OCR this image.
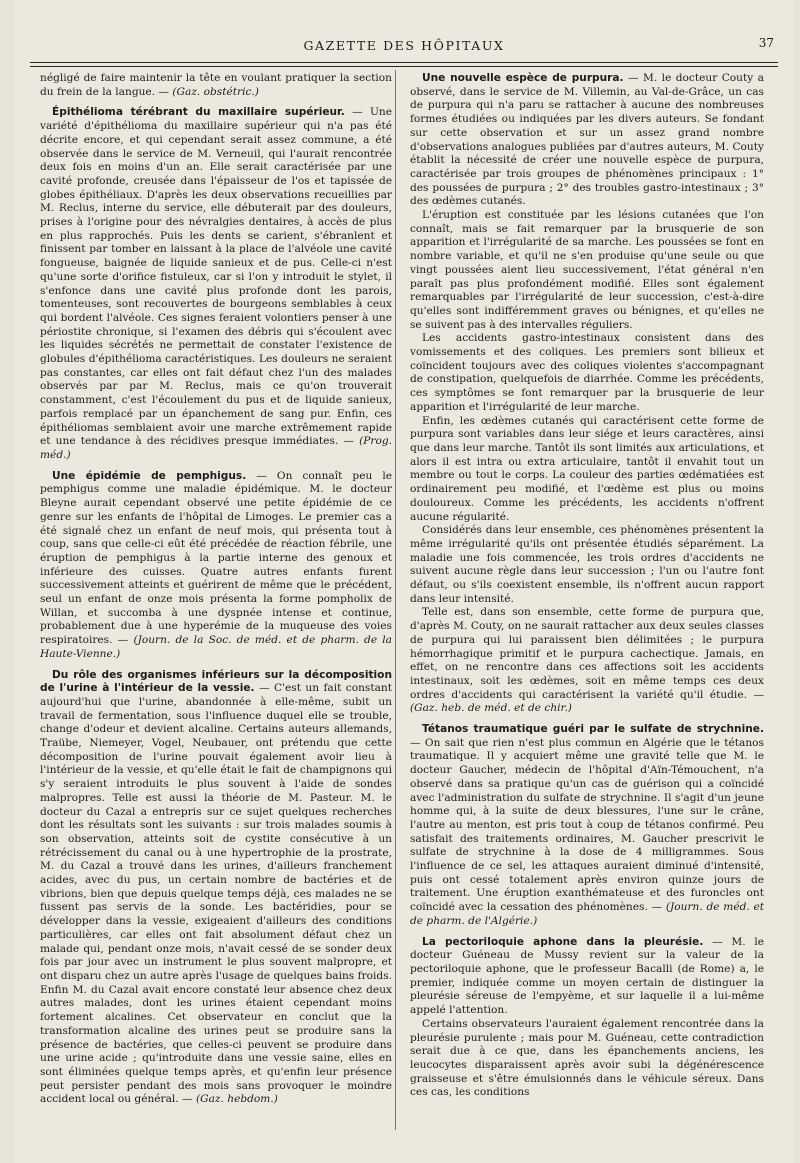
GAZETTE DES HÔPITAUX	37

négligé de faire maintenir la tête en voulant pratiquer la section du frein de la langue. — (Gaz. obstétric.)

Épithélioma térébrant du maxillaire supérieur. — Une variété d'épithélioma du maxillaire supérieur qui n'a pas été décrite encore, et qui cependant serait assez commune, a été observée dans le service de M. Verneuil, qui l'aurait rencontrée deux fois en moins d'un an. Elle serait caractérisée par une cavité profonde, creusée dans l'épaisseur de l'os et tapissée de globes épithéliaux. D'après les deux observations recueillies par M. Reclus, interne du service, elle débuterait par des douleurs, prises à l'origine pour des névralgies dentaires, à accès de plus en plus rapprochés. Puis les dents se carient, s'ébranlent et finissent par tomber en laissant à la place de l'alvéole une cavité fongueuse, baignée de liquide sanieux et de pus. Celle-ci n'est qu'une sorte d'orifice fistuleux, car si l'on y introduit le stylet, il s'enfonce dans une cavité plus profonde dont les parois, tomenteuses, sont recouvertes de bourgeons semblables à ceux qui bordent l'alvéole. Ces signes feraient volontiers penser à une périostite chronique, si l'examen des débris qui s'écoulent avec les liquides sécrétés ne permettait de constater l'existence de globules d'épithélioma caractéristiques. Les douleurs ne seraient pas constantes, car elles ont fait défaut chez l'un des malades observés par par M. Reclus, mais ce qu'on trouverait constamment, c'est l'écoulement du pus et de liquide sanieux, parfois remplacé par un épanchement de sang pur. Enfin, ces épithéliomas semblaient avoir une marche extrêmement rapide et une tendance à des récidives presque immédiates. — (Prog. méd.)

Une épidémie de pemphigus. — On connaît peu le pemphigus comme une maladie épidémique. M. le docteur Bleyne aurait cependant observé une petite épidémie de ce genre sur les enfants de l'hôpital de Limoges. Le premier cas a été signalé chez un enfant de neuf mois, qui présenta tout à coup, sans que celle-ci eût été précédée de réaction fébrile, une éruption de pemphigus à la partie interne des genoux et inférieure des cuisses. Quatre autres enfants furent successivement atteints et guérirent de même que le précédent, seul un enfant de onze mois présenta la forme pompholix de Willan, et succomba à une dyspnée intense et continue, probablement due à une hyperémie de la muqueuse des voies respiratoires. — (Journ. de la Soc. de méd. et de pharm. de la Haute-Vienne.)

Du rôle des organismes inférieurs sur la décomposition de l'urine à l'intérieur de la vessie. — C'est un fait constant aujourd'hui que l'urine, abandonnée à elle-même, subit un travail de fermentation, sous l'influence duquel elle se trouble, change d'odeur et devient alcaline. Certains auteurs allemands, Traübe, Niemeyer, Vogel, Neubauer, ont prétendu que cette décomposition de l'urine pouvait également avoir lieu à l'intérieur de la vessie, et qu'elle était le fait de champignons qui s'y seraient introduits le plus souvent à l'aide de sondes malpropres. Telle est aussi la théorie de M. Pasteur. M. le docteur du Cazal a entrepris sur ce sujet quelques recherches dont les résultats sont les suivants : sur trois malades soumis à son observation, atteints soit de cystite consécutive à un rétrécissement du canal ou à une hypertrophie de la prostrate, M. du Cazal a trouvé dans les urines, d'ailleurs franchement acides, avec du pus, un certain nombre de bactéries et de vibrions, bien que depuis quelque temps déjà, ces malades ne se fussent pas servis de la sonde. Les bactéridies, pour se développer dans la vessie, exigeaient d'ailleurs des conditions particulières, car elles ont fait absolument défaut chez un malade qui, pendant onze mois, n'avait cessé de se sonder deux fois par jour avec un instrument le plus souvent malpropre, et ont disparu chez un autre après l'usage de quelques bains froids. Enfin M. du Cazal avait encore constaté leur absence chez deux autres malades, dont les urines étaient cependant moins fortement alcalines. Cet observateur en conclut que la transformation alcaline des urines peut se produire sans la présence de bactéries, que celles-ci peuvent se produire dans une urine acide ; qu'introduite dans une vessie saine, elles en sont éliminées quelque temps après, et qu'enfin leur présence peut persister pendant des mois sans provoquer le moindre accident local ou général. — (Gaz. hebdom.)

Une nouvelle espèce de purpura. — M. le docteur Couty a observé, dans le service de M. Villemin, au Val-de-Grâce, un cas de purpura qui n'a paru se rattacher à aucune des nombreuses formes étudiées ou indiquées par les divers auteurs. Se fondant sur cette observation et sur un assez grand nombre d'observations analogues publiées par d'autres auteurs, M. Couty établit la nécessité de créer une nouvelle espèce de purpura, caractérisée par trois groupes de phénomènes principaux : 1° des poussées de purpura ; 2° des troubles gastro-intestinaux ; 3° des œdèmes cutanés.

L'éruption est constituée par les lésions cutanées que l'on connaît, mais se fait remarquer par la brusquerie de son apparition et l'irrégularité de sa marche. Les poussées se font en nombre variable, et qu'il ne s'en produise qu'une seule ou que vingt poussées aient lieu successivement, l'état général n'en paraît pas plus profondément modifié. Elles sont également remarquables par l'irrégularité de leur succession, c'est-à-dire qu'elles sont indifféremment graves ou bénignes, et qu'elles ne se suivent pas à des intervalles réguliers.

Les accidents gastro-intestinaux consistent dans des vomissements et des coliques. Les premiers sont bilieux et coïncident toujours avec des coliques violentes s'accompagnant de constipation, quelquefois de diarrhée. Comme les précédents, ces symptômes se font remarquer par la brusquerie de leur apparition et l'irrégularité de leur marche.

Enfin, les œdèmes cutanés qui caractérisent cette forme de purpura sont variables dans leur siége et leurs caractères, ainsi que dans leur marche. Tantôt ils sont limités aux articulations, et alors il est intra ou extra articulaire, tantôt il envahit tout un membre ou tout le corps. La couleur des parties œdématiées est ordinairement peu modifié, et l'œdème est plus ou moins douloureux. Comme les précédents, les accidents n'offrent aucune régularité.

Considérés dans leur ensemble, ces phénomènes présentent la même irrégularité qu'ils ont présentée étudiés séparément. La maladie une fois commencée, les trois ordres d'accidents ne suivent aucune règle dans leur succession ; l'un ou l'autre font défaut, ou s'ils coexistent ensemble, ils n'offrent aucun rapport dans leur intensité.

Telle est, dans son ensemble, cette forme de purpura que, d'après M. Couty, on ne saurait rattacher aux deux seules classes de purpura qui lui paraissent bien délimitées ; le purpura hémorrhagique primitif et le purpura cachectique. Jamais, en effet, on ne rencontre dans ces affections soit les accidents intestinaux, soit les œdèmes, soit en même temps ces deux ordres d'accidents qui caractérisent la variété qu'il étudie. — (Gaz. heb. de méd. et de chir.)

Tétanos traumatique guéri par le sulfate de strychnine. — On sait que rien n'est plus commun en Algérie que le tétanos traumatique. Il y acquiert même une gravité telle que M. le docteur Gaucher, médecin de l'hôpital d'Aïn-Témouchent, n'a observé dans sa pratique qu'un cas de guérison qui a coïncidé avec l'administration du sulfate de strychnine. Il s'agit d'un jeune homme qui, à la suite de deux blessures, l'une sur le crâne, l'autre au menton, est pris tout à coup de tétanos confirmé. Peu satisfait des traitements ordinaires, M. Gaucher prescrivit le sulfate de strychnine à la dose de 4 milligrammes. Sous l'influence de ce sel, les attaques auraient diminué d'intensité, puis ont cessé totalement après environ quinze jours de traitement. Une éruption exanthémateuse et des furoncles ont coïncidé avec la cessation des phénomènes. — (Journ. de méd. et de pharm. de l'Algérie.)

La pectoriloquie aphone dans la pleurésie. — M. le docteur Guéneau de Mussy revient sur la valeur de la pectoriloquie aphone, que le professeur Bacalli (de Rome) a, le premier, indiquée comme un moyen certain de distinguer la pleurésie séreuse de l'empyème, et sur laquelle il a lui-même appelé l'attention.

Certains observateurs l'auraient également rencontrée dans la pleurésie purulente ; mais pour M. Guéneau, cette contradiction serait due à ce que, dans les épanchements anciens, les leucocytes disparaissent après avoir subi la dégénérescence graisseuse et s'être émulsionnés dans le véhicule séreux. Dans ces cas, les conditions
